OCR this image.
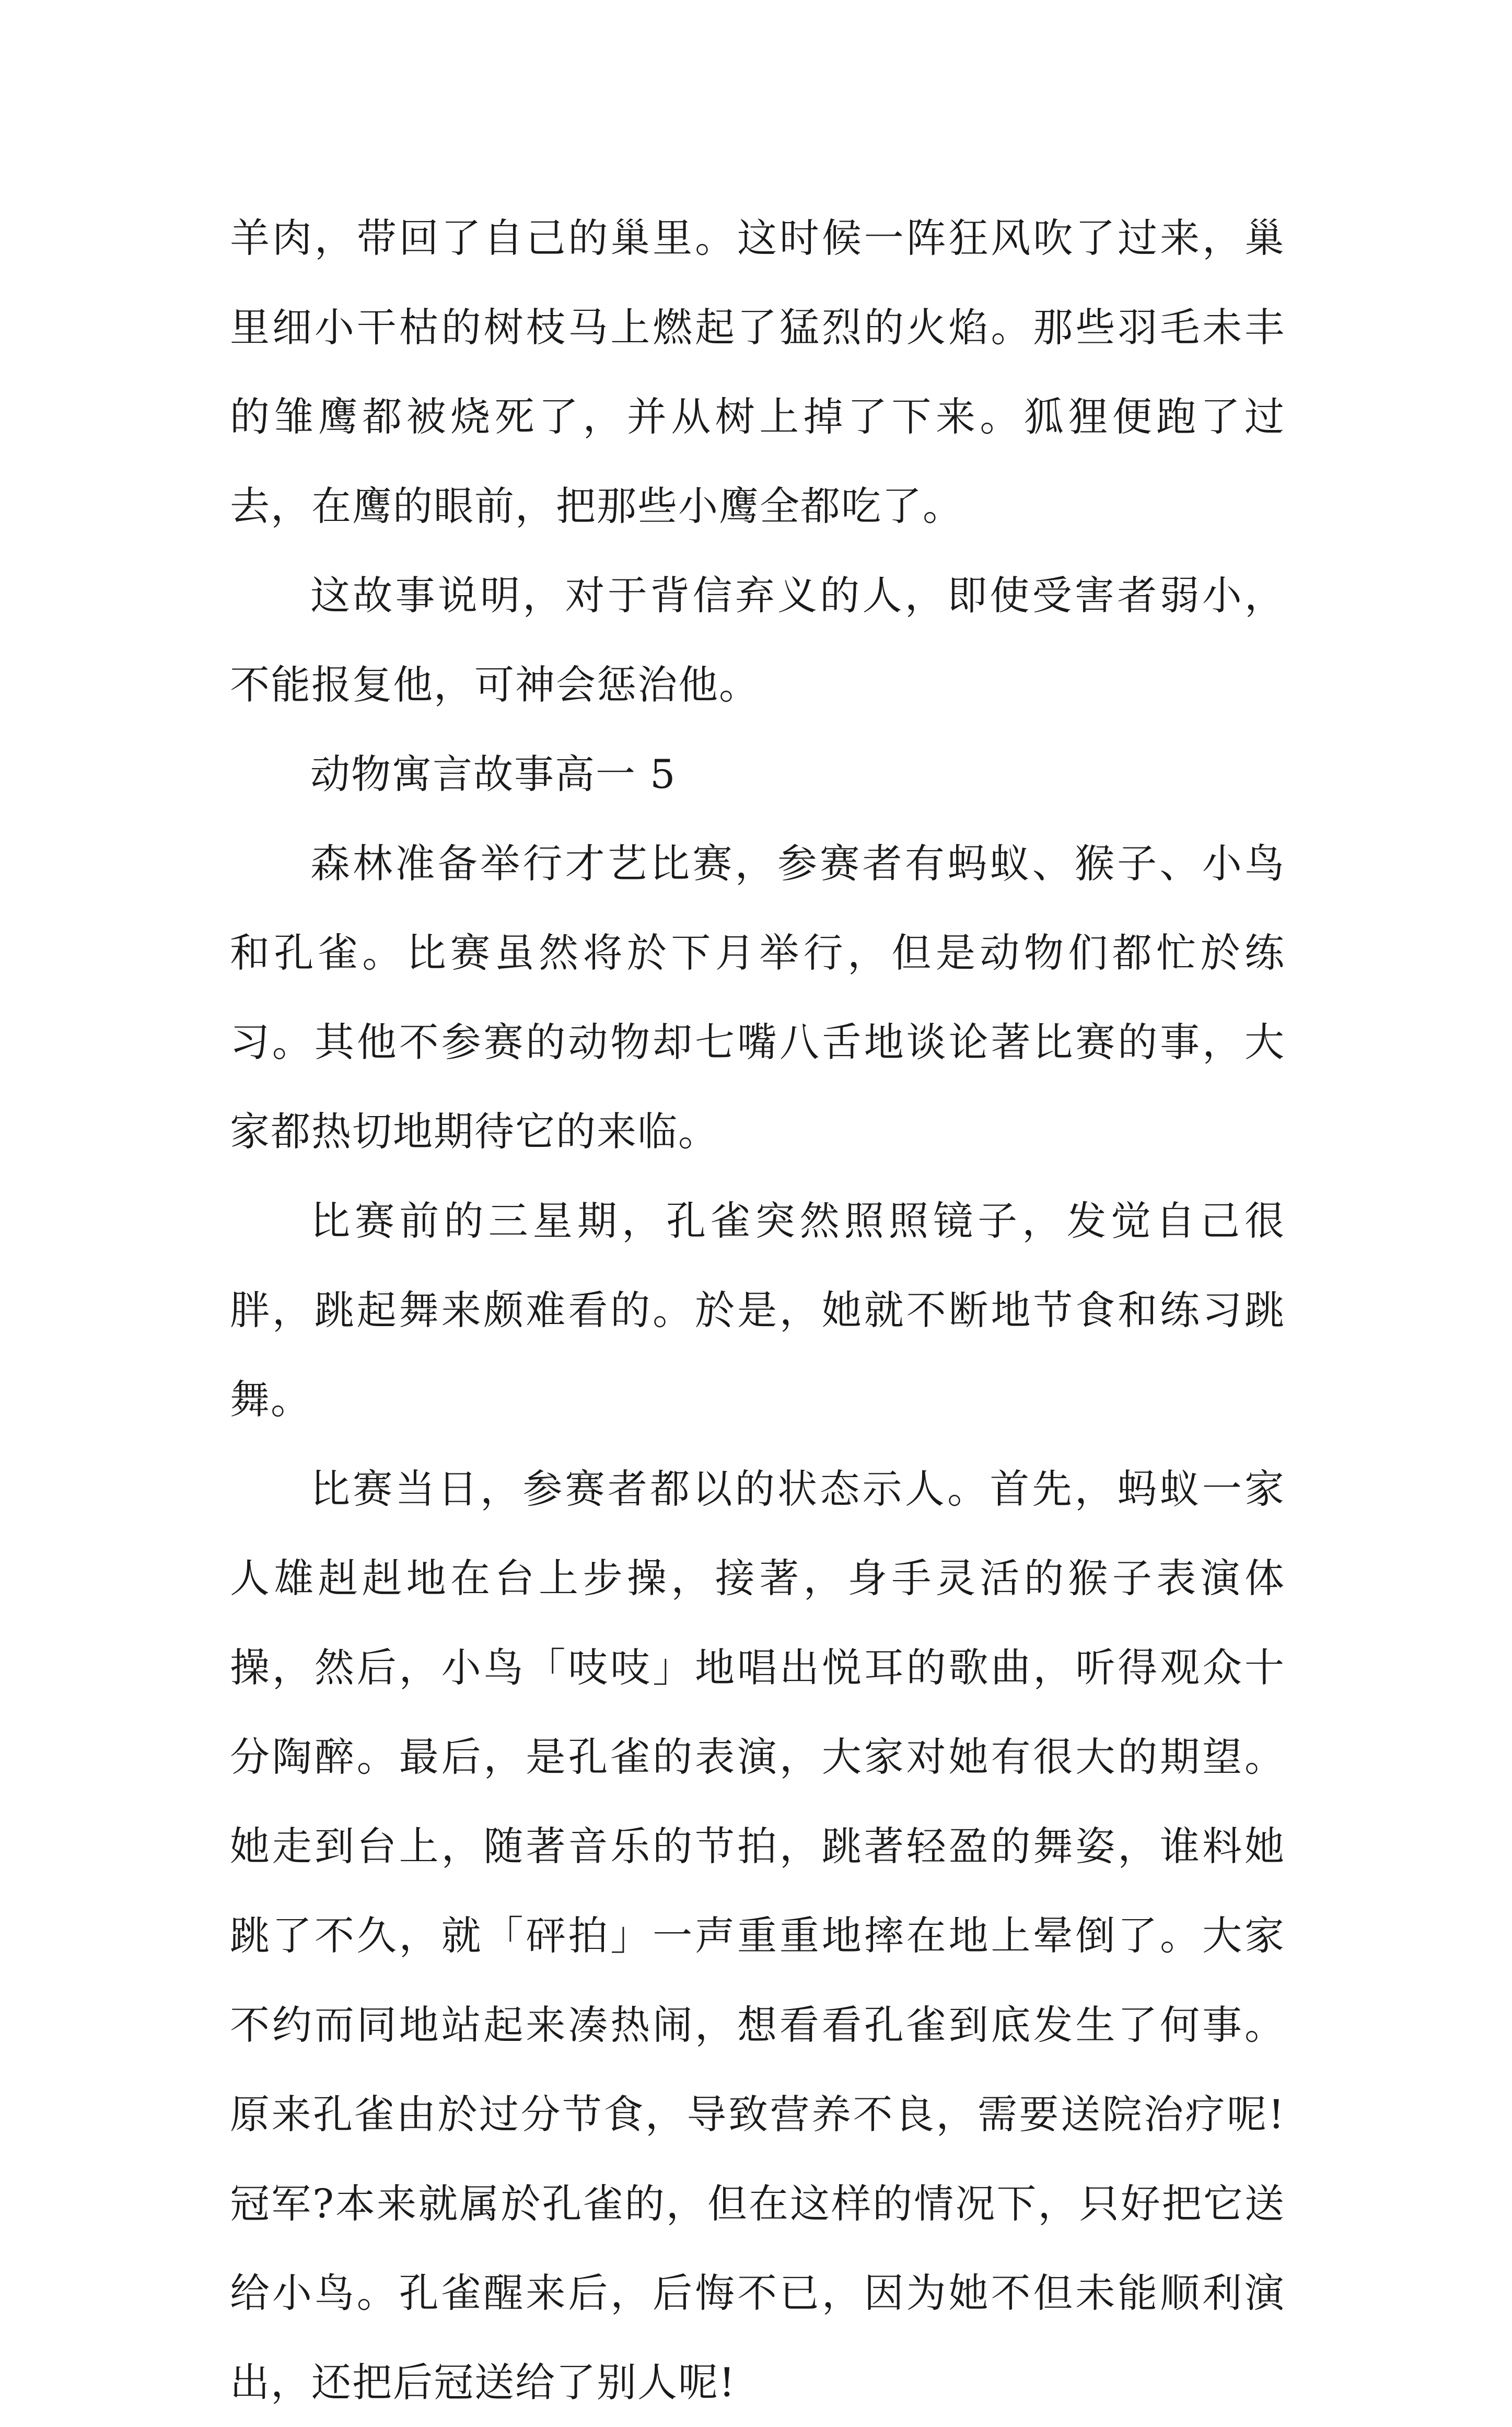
羊肉，带回了自己的巢里。这时候一阵狂风吹了过来，巢里细小干枯的树枝马上燃起了猛烈的火焰。那些羽毛未丰的雏鹰都被烧死了，并从树上掉了下来。狐狸便跑了过去，在鹰的眼前，把那些小鹰全都吃了。

这故事说明，对于背信弃义的人，即使受害者弱小，不能报复他，可神会惩治他。

动物寓言故事高一 5

森林准备举行才艺比赛，参赛者有蚂蚁、猴子、小鸟和孔雀。比赛虽然将於下月举行，但是动物们都忙於练习。其他不参赛的动物却七嘴八舌地谈论著比赛的事，大家都热切地期待它的来临。

比赛前的三星期，孔雀突然照照镜子，发觉自己很胖，跳起舞来颇难看的。於是，她就不断地节食和练习跳舞。

比赛当日，参赛者都以的状态示人。首先，蚂蚁一家人雄赳赳地在台上步操，接著，身手灵活的猴子表演体操，然后，小鸟「吱吱」地唱出悦耳的歌曲，听得观众十分陶醉。最后，是孔雀的表演，大家对她有很大的期望。她走到台上，随著音乐的节拍，跳著轻盈的舞姿，谁料她跳了不久，就「砰拍」一声重重地摔在地上晕倒了。大家不约而同地站起来凑热闹，想看看孔雀到底发生了何事。原来孔雀由於过分节食，导致营养不良，需要送院治疗呢!冠军?本来就属於孔雀的，但在这样的情况下，只好把它送给小鸟。孔雀醒来后，后悔不已，因为她不但未能顺利演出，还把后冠送给了别人呢!
